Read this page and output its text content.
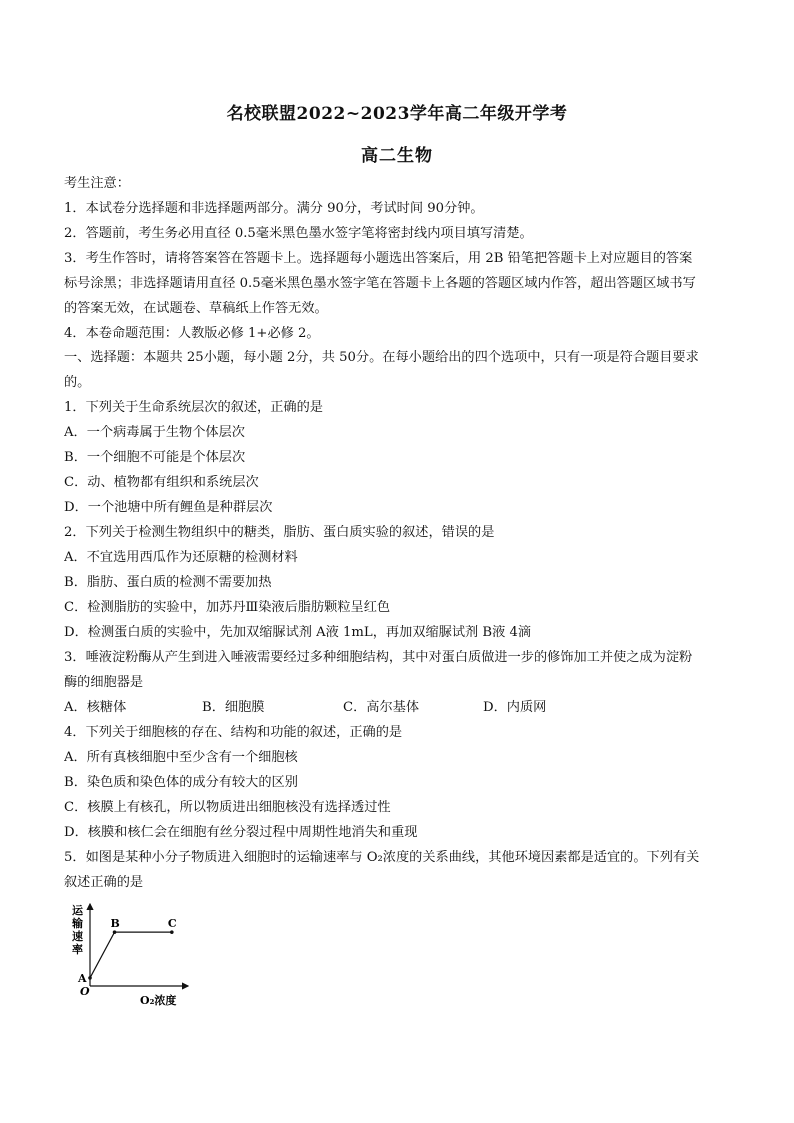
名校联盟2022~2023学年高二年级开学考
高二生物
考生注意：
1．本试卷分选择题和非选择题两部分。满分 90分，考试时间 90分钟。
2．答题前，考生务必用直径 0.5毫米黑色墨水签字笔将密封线内项目填写清楚。
3．考生作答时，请将答案答在答题卡上。选择题每小题选出答案后，用 2B 铅笔把答题卡上对应题目的答案
标号涂黑；非选择题请用直径 0.5毫米黑色墨水签字笔在答题卡上各题的答题区域内作答，超出答题区域书写
的答案无效，在试题卷、草稿纸上作答无效。
4．本卷命题范围：人教版必修 1+必修 2。
一、选择题：本题共 25小题，每小题 2分，共 50分。在每小题给出的四个选项中，只有一项是符合题目要求
的。
1．下列关于生命系统层次的叙述，正确的是
A．一个病毒属于生物个体层次
B．一个细胞不可能是个体层次
C．动、植物都有组织和系统层次
D．一个池塘中所有鲤鱼是种群层次
2．下列关于检测生物组织中的糖类，脂肪、蛋白质实验的叙述，错误的是
A．不宜选用西瓜作为还原糖的检测材料
B．脂肪、蛋白质的检测不需要加热
C．检测脂肪的实验中，加苏丹Ⅲ染液后脂肪颗粒呈红色
D．检测蛋白质的实验中，先加双缩脲试剂 A液 1mL，再加双缩脲试剂 B液 4滴
3．唾液淀粉酶从产生到进入唾液需要经过多种细胞结构，其中对蛋白质做进一步的修饰加工并使之成为淀粉
酶的细胞器是
A．核糖体	B．细胞膜	C．高尔基体	D．内质网
4．下列关于细胞核的存在、结构和功能的叙述，正确的是
A．所有真核细胞中至少含有一个细胞核
B．染色质和染色体的成分有较大的区别
C．核膜上有核孔，所以物质进出细胞核没有选择透过性
D．核膜和核仁会在细胞有丝分裂过程中周期性地消失和重现
5．如图是某种小分子物质进入细胞时的运输速率与 O₂浓度的关系曲线，其他环境因素都是适宜的。下列有关
叙述正确的是
运
输
速
率
O
O₂浓度
A
B	C
